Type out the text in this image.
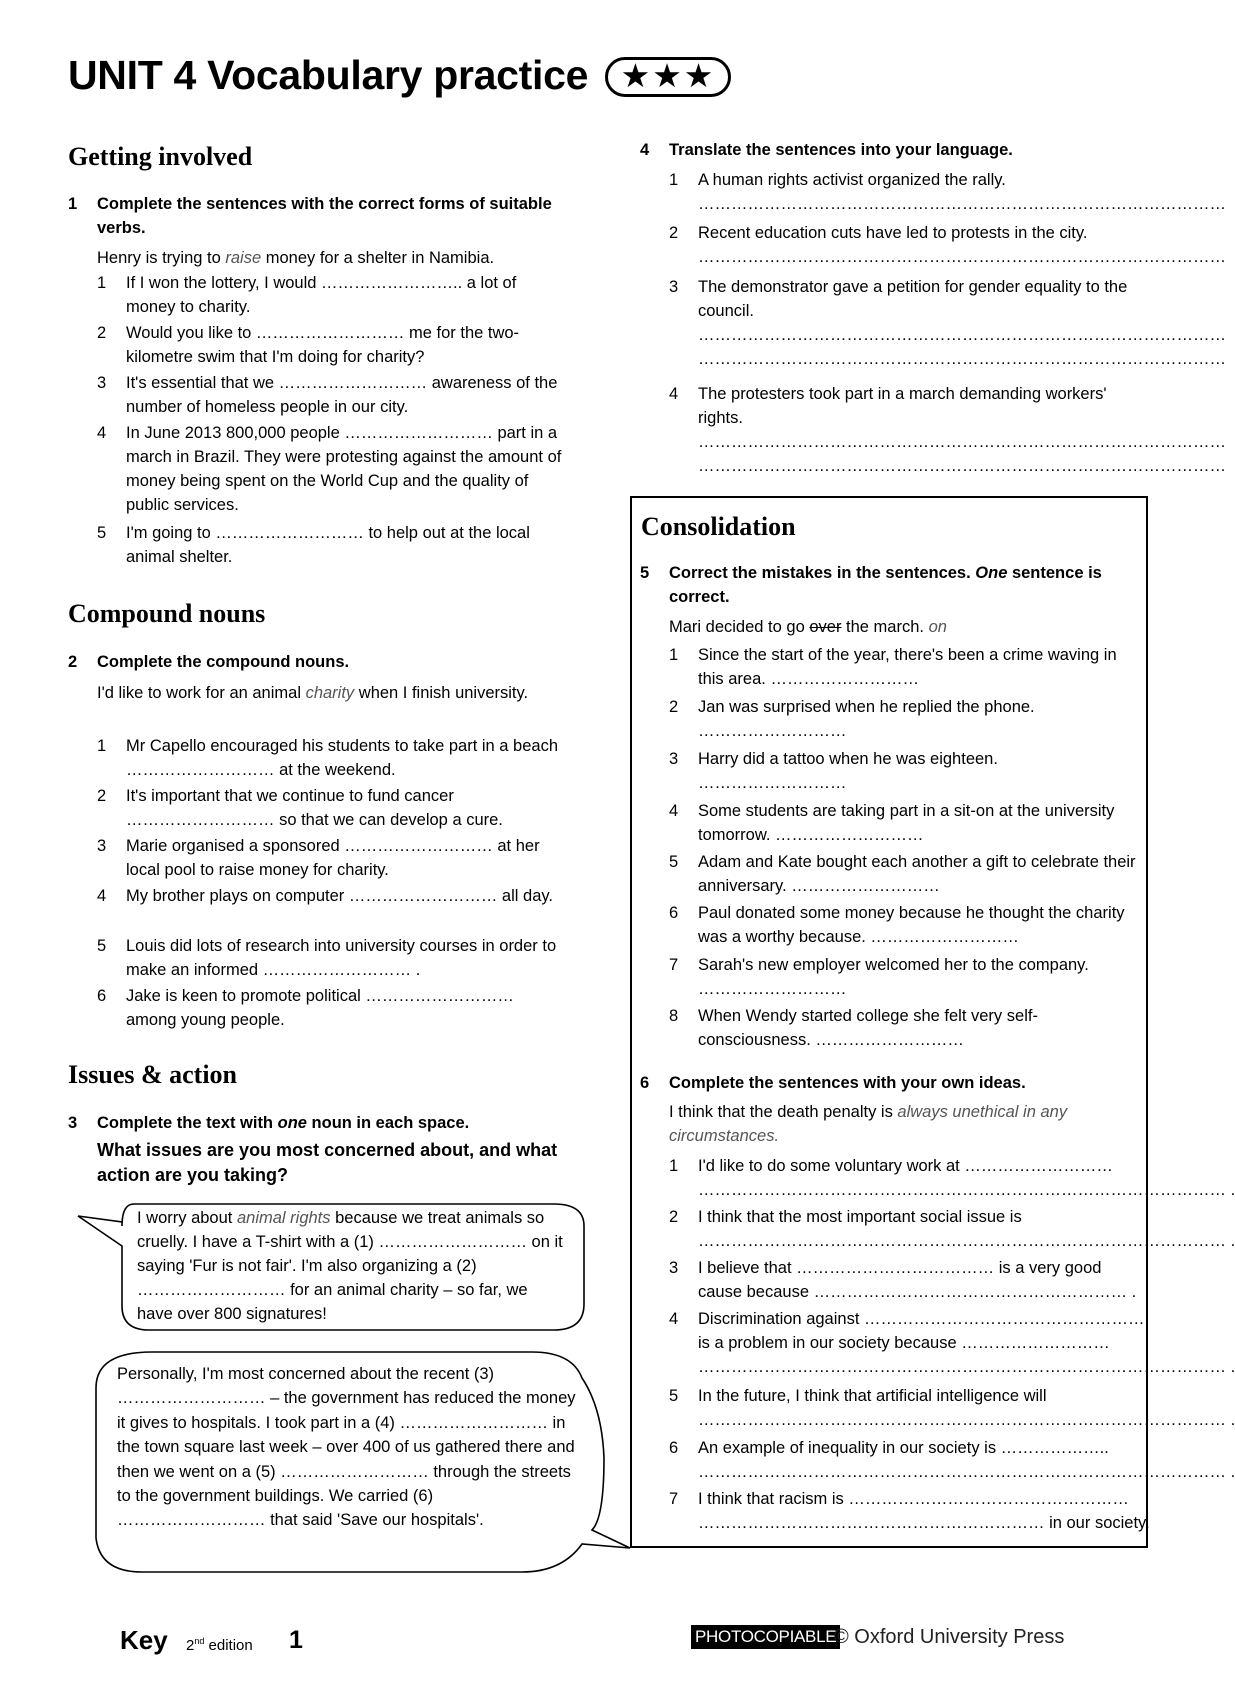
UNIT 4 Vocabulary practice ★★★
Getting involved
1 Complete the sentences with the correct forms of suitable verbs.
Henry is trying to raise money for a shelter in Namibia.
1 If I won the lottery, I would …………………….. a lot of money to charity.
2 Would you like to ……………………… me for the two-kilometre swim that I'm doing for charity?
3 It's essential that we ……………………… awareness of the number of homeless people in our city.
4 In June 2013 800,000 people ……………………… part in a march in Brazil. They were protesting against the amount of money being spent on the World Cup and the quality of public services.
5 I'm going to ……………………… to help out at the local animal shelter.
Compound nouns
2 Complete the compound nouns.
I'd like to work for an animal charity when I finish university.
1 Mr Capello encouraged his students to take part in a beach ……………………… at the weekend.
2 It's important that we continue to fund cancer ……………………… so that we can develop a cure.
3 Marie organised a sponsored ……………………… at her local pool to raise money for charity.
4 My brother plays on computer ……………………… all day.
5 Louis did lots of research into university courses in order to make an informed ……………………… .
6 Jake is keen to promote political ……………………… among young people.
Issues & action
3 Complete the text with one noun in each space.
What issues are you most concerned about, and what action are you taking?
I worry about animal rights because we treat animals so cruelly. I have a T-shirt with a (1) ……………………… on it saying 'Fur is not fair'. I'm also organizing a (2) ……………………… for an animal charity – so far, we have over 800 signatures!
Personally, I'm most concerned about the recent (3) ……………………… – the government has reduced the money it gives to hospitals. I took part in a (4) ……………………… in the town square last week – over 400 of us gathered there and then we went on a (5) ……………………… through the streets to the government buildings. We carried (6) ……………………… that said 'Save our hospitals'.
4 Translate the sentences into your language.
1 A human rights activist organized the rally.
……………………………………………………………………………………
2 Recent education cuts have led to protests in the city.
……………………………………………………………………………………
3 The demonstrator gave a petition for gender equality to the council.
……………………………………………………………………………………
……………………………………………………………………………………
4 The protesters took part in a march demanding workers' rights.
……………………………………………………………………………………
……………………………………………………………………………………
Consolidation
5 Correct the mistakes in the sentences. One sentence is correct.
Mari decided to go over the march. on
1 Since the start of the year, there's been a crime waving in this area. ………………………
2 Jan was surprised when he replied the phone.
………………………
3 Harry did a tattoo when he was eighteen.
………………………
4 Some students are taking part in a sit-on at the university tomorrow. ………………………
5 Adam and Kate bought each another a gift to celebrate their anniversary. ………………………
6 Paul donated some money because he thought the charity was a worthy because. ………………………
7 Sarah's new employer welcomed her to the company.
………………………
8 When Wendy started college she felt very self-consciousness. ………………………
6 Complete the sentences with your own ideas.
I think that the death penalty is always unethical in any circumstances.
1 I'd like to do some voluntary work at ………………………
…………………………………………………………………………………… .
2 I think that the most important social issue is
…………………………………………………………………………………… .
3 I believe that ……………………………… is a very good cause because ………………………………………………… .
4 Discrimination against …………………………………………… is a problem in our society because ………………………
…………………………………………………………………………………… .
5 In the future, I think that artificial intelligence will
…………………………………………………………………………………… .
6 An example of inequality in our society is ………………..
…………………………………………………………………………………… .
7 I think that racism is ……………………………………………
……………………………………………………… in our society.
Key 2nd edition 1	PHOTOCOPIABLE
© Oxford University Press
